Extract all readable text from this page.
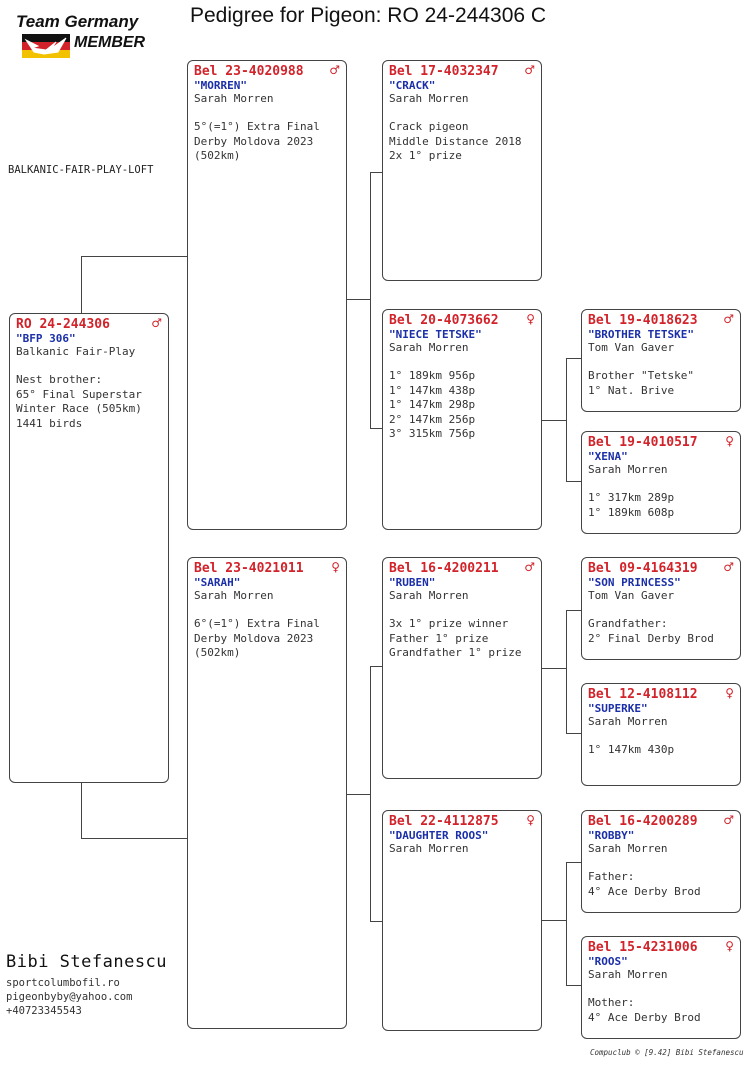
Pedigree for Pigeon: RO 24-244306 C
Team Germany
MEMBER
BALKANIC-FAIR-PLAY-LOFT
RO 24-244306	♂
"BFP 306"
Balkanic Fair-Play
Nest brother:
65° Final Superstar
Winter Race (505km)
1441 birds
Bel 23-4020988	♂
"MORREN"
Sarah Morren
5°(=1°) Extra Final
Derby Moldova 2023
(502km)
Bel 23-4021011	♀
"SARAH"
Sarah Morren
6°(=1°) Extra Final
Derby Moldova 2023
(502km)
Bel 17-4032347	♂
"CRACK"
Sarah Morren
Crack pigeon
Middle Distance 2018
2x 1° prize
Bel 20-4073662	♀
"NIECE TETSKE"
Sarah Morren
1° 189km 956p
1° 147km 438p
1° 147km 298p
2° 147km 256p
3° 315km 756p
Bel 16-4200211	♂
"RUBEN"
Sarah Morren
3x 1° prize winner
Father 1° prize
Grandfather 1° prize
Bel 22-4112875	♀
"DAUGHTER ROOS"
Sarah Morren
Bel 19-4018623	♂
"BROTHER TETSKE"
Tom Van Gaver
Brother "Tetske"
1° Nat. Brive
Bel 19-4010517	♀
"XENA"
Sarah Morren
1° 317km 289p
1° 189km 608p
Bel 09-4164319	♂
"SON PRINCESS"
Tom Van Gaver
Grandfather:
2° Final Derby Brod
Bel 12-4108112	♀
"SUPERKE"
Sarah Morren
1° 147km 430p
Bel 16-4200289	♂
"ROBBY"
Sarah Morren
Father:
4° Ace Derby Brod
Bel 15-4231006	♀
"ROOS"
Sarah Morren
Mother:
4° Ace Derby Brod
Bibi Stefanescu
sportcolumbofil.ro
pigeonbyby@yahoo.com
+40723345543
Compuclub © [9.42] Bibi Stefanescu
